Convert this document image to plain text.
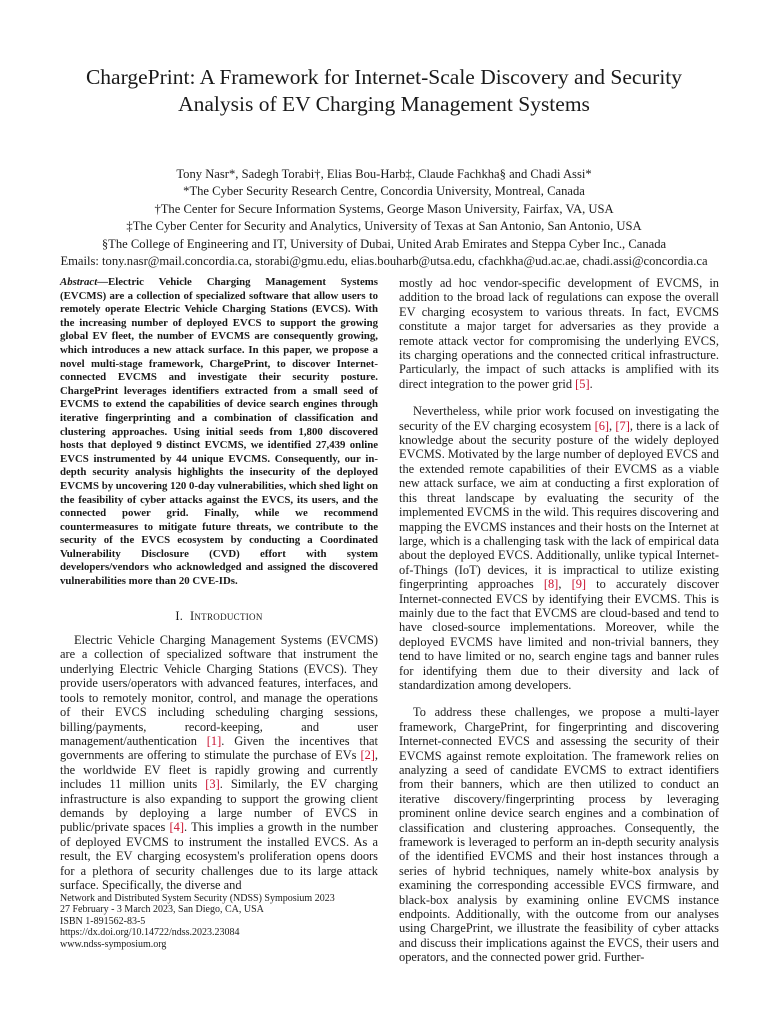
ChargePrint: A Framework for Internet-Scale Discovery and Security
Analysis of EV Charging Management Systems
Tony Nasr*, Sadegh Torabi†, Elias Bou-Harb‡, Claude Fachkha§ and Chadi Assi*
*The Cyber Security Research Centre, Concordia University, Montreal, Canada
†The Center for Secure Information Systems, George Mason University, Fairfax, VA, USA
‡The Cyber Center for Security and Analytics, University of Texas at San Antonio, San Antonio, USA
§The College of Engineering and IT, University of Dubai, United Arab Emirates and Steppa Cyber Inc., Canada
Emails: tony.nasr@mail.concordia.ca, storabi@gmu.edu, elias.bouharb@utsa.edu, cfachkha@ud.ac.ae, chadi.assi@concordia.ca
Abstract—Electric Vehicle Charging Management Systems (EVCMS) are a collection of specialized software that allow users to remotely operate Electric Vehicle Charging Stations (EVCS). With the increasing number of deployed EVCS to support the growing global EV fleet, the number of EVCMS are consequently growing, which introduces a new attack surface. In this paper, we propose a novel multi-stage framework, ChargePrint, to discover Internet-connected EVCMS and investigate their security posture. ChargePrint leverages identifiers extracted from a small seed of EVCMS to extend the capabilities of device search engines through iterative fingerprinting and a combination of classification and clustering approaches. Using initial seeds from 1,800 discovered hosts that deployed 9 distinct EVCMS, we identified 27,439 online EVCS instrumented by 44 unique EVCMS. Consequently, our in-depth security analysis highlights the insecurity of the deployed EVCMS by uncovering 120 0-day vulnerabilities, which shed light on the feasibility of cyber attacks against the EVCS, its users, and the connected power grid. Finally, while we recommend countermeasures to mitigate future threats, we contribute to the security of the EVCS ecosystem by conducting a Coordinated Vulnerability Disclosure (CVD) effort with system developers/vendors who acknowledged and assigned the discovered vulnerabilities more than 20 CVE-IDs.
I. Introduction

Electric Vehicle Charging Management Systems (EVCMS) are a collection of specialized software that instrument the underlying Electric Vehicle Charging Stations (EVCS). They provide users/operators with advanced features, interfaces, and tools to remotely monitor, control, and manage the operations of their EVCS including scheduling charging sessions, billing/payments, record-keeping, and user management/authentication [1]. Given the incentives that governments are offering to stimulate the purchase of EVs [2], the worldwide EV fleet is rapidly growing and currently includes 11 million units [3]. Similarly, the EV charging infrastructure is also expanding to support the growing client demands by deploying a large number of EVCS in public/private spaces [4]. This implies a growth in the number of deployed EVCMS to instrument the installed EVCS. As a result, the EV charging ecosystem's proliferation opens doors for a plethora of security challenges due to its large attack surface. Specifically, the diverse and

Network and Distributed System Security (NDSS) Symposium 2023
27 February - 3 March 2023, San Diego, CA, USA
ISBN 1-891562-83-5
https://dx.doi.org/10.14722/ndss.2023.23084
www.ndss-symposium.org

mostly ad hoc vendor-specific development of EVCMS, in addition to the broad lack of regulations can expose the overall EV charging ecosystem to various threats. In fact, EVCMS constitute a major target for adversaries as they provide a remote attack vector for compromising the underlying EVCS, its charging operations and the connected critical infrastructure. Particularly, the impact of such attacks is amplified with its direct integration to the power grid [5].

Nevertheless, while prior work focused on investigating the security of the EV charging ecosystem [6], [7], there is a lack of knowledge about the security posture of the widely deployed EVCMS. Motivated by the large number of deployed EVCS and the extended remote capabilities of their EVCMS as a viable new attack surface, we aim at conducting a first exploration of this threat landscape by evaluating the security of the implemented EVCMS in the wild. This requires discovering and mapping the EVCMS instances and their hosts on the Internet at large, which is a challenging task with the lack of empirical data about the deployed EVCS. Additionally, unlike typical Internet-of-Things (IoT) devices, it is impractical to utilize existing fingerprinting approaches [8], [9] to accurately discover Internet-connected EVCS by identifying their EVCMS. This is mainly due to the fact that EVCMS are cloud-based and tend to have closed-source implementations. Moreover, while the deployed EVCMS have limited and non-trivial banners, they tend to have limited or no, search engine tags and banner rules for identifying them due to their diversity and lack of standardization among developers.

To address these challenges, we propose a multi-layer framework, ChargePrint, for fingerprinting and discovering Internet-connected EVCS and assessing the security of their EVCMS against remote exploitation. The framework relies on analyzing a seed of candidate EVCMS to extract identifiers from their banners, which are then utilized to conduct an iterative discovery/fingerprinting process by leveraging prominent online device search engines and a combination of classification and clustering approaches. Consequently, the framework is leveraged to perform an in-depth security analysis of the identified EVCMS and their host instances through a series of hybrid techniques, namely white-box analysis by examining the corresponding accessible EVCS firmware, and black-box analysis by examining online EVCMS instance endpoints. Additionally, with the outcome from our analyses using ChargePrint, we illustrate the feasibility of cyber attacks and discuss their implications against the EVCS, their users and operators, and the connected power grid. Further-
